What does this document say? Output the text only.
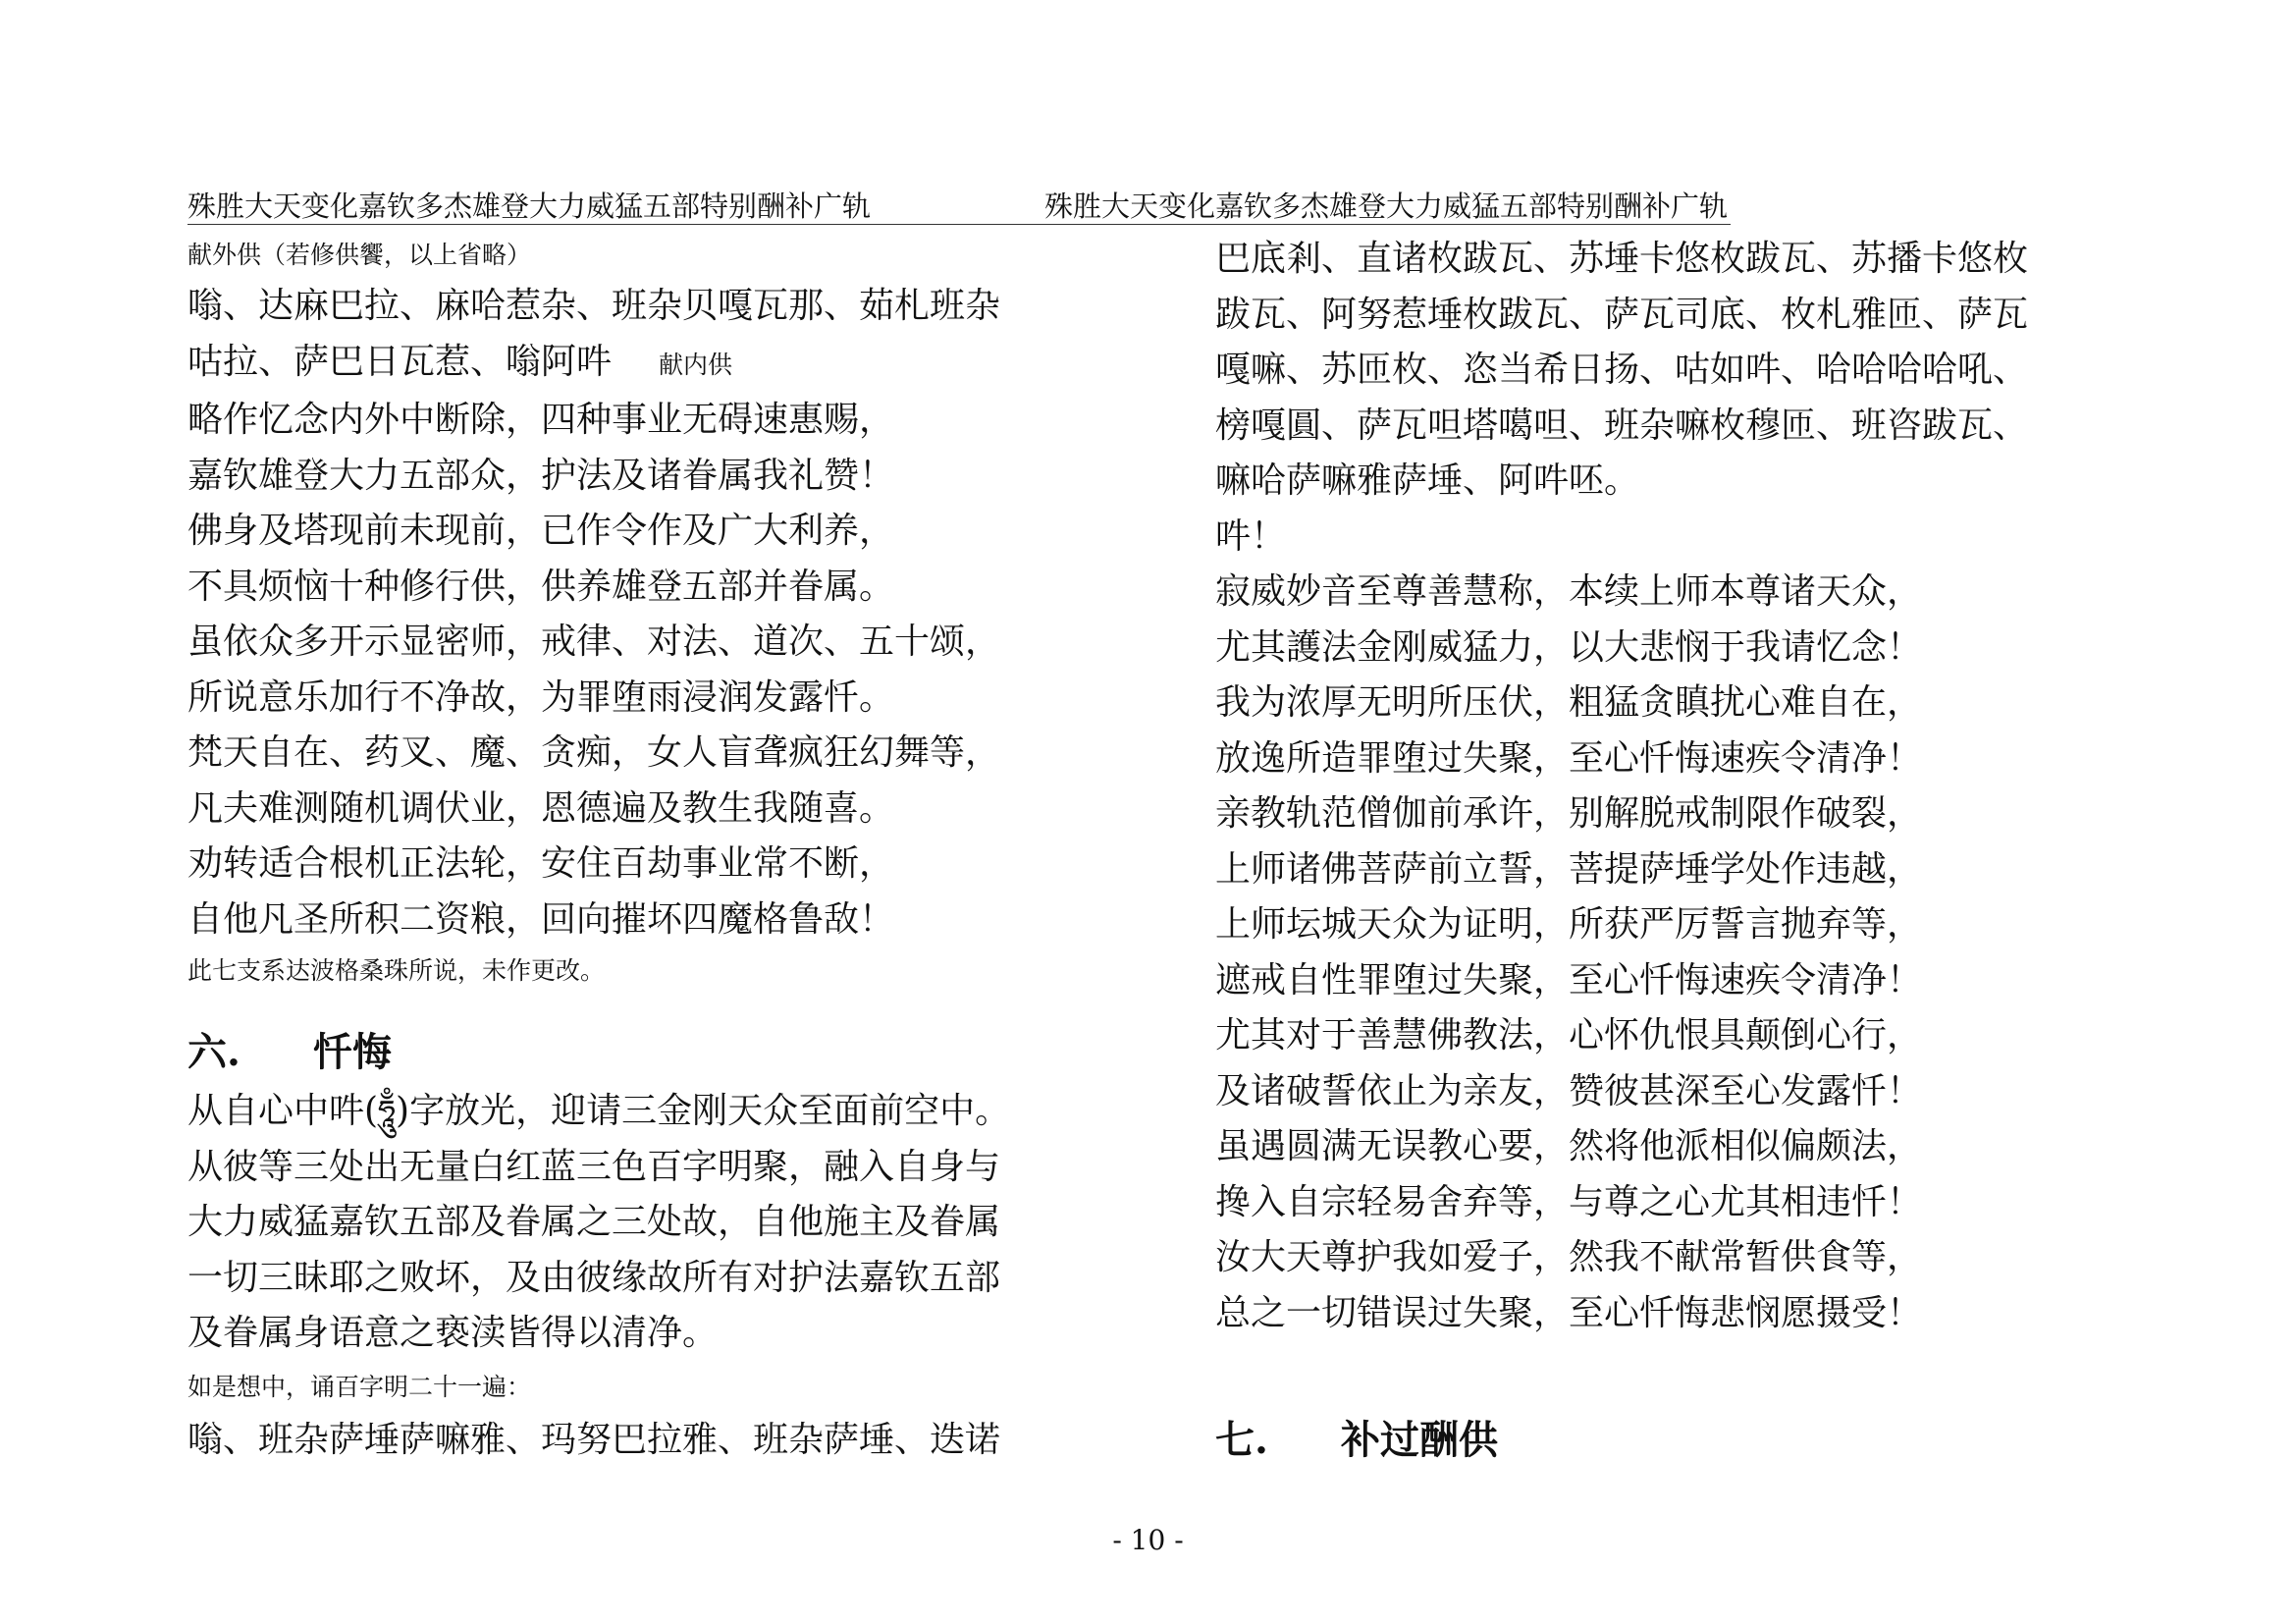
殊胜大天变化嘉钦多杰雄登大力威猛五部特别酬补广轨	殊胜大天变化嘉钦多杰雄登大力威猛五部特别酬补广轨
献外供（若修供饗，以上省略）
嗡、达麻巴拉、麻哈惹杂、班杂贝嘎瓦那、茹札班杂
咕拉、萨巴日瓦惹、嗡阿吽 献内供
略作忆念内外中断除，四种事业无碍速惠赐，
嘉钦雄登大力五部众，护法及诸眷属我礼赞！
佛身及塔现前未现前，已作令作及广大利养，
不具烦恼十种修行供，供养雄登五部并眷属。
虽依众多开示显密师，戒律、对法、道次、五十颂，
所说意乐加行不净故，为罪堕雨浸润发露忏。
梵天自在、药叉、魔、贪痴，女人盲聋疯狂幻舞等，
凡夫难测随机调伏业，恩德遍及教生我随喜。
劝转适合根机正法轮，安住百劫事业常不断，
自他凡圣所积二资粮，回向摧坏四魔格鲁敌！
此七支系达波格桑珠所说，未作更改。
六. 忏悔
从自心中吽(ཧཱུྃ)字放光，迎请三金刚天众至面前空中。
从彼等三处出无量白红蓝三色百字明聚，融入自身与
大力威猛嘉钦五部及眷属之三处故，自他施主及眷属
一切三昧耶之败坏，及由彼缘故所有对护法嘉钦五部
及眷属身语意之亵渎皆得以清净。
如是想中，诵百字明二十一遍：
嗡、班杂萨埵萨嘛雅、玛努巴拉雅、班杂萨埵、迭诺
巴底剎、直诸枚跋瓦、苏埵卡悠枚跋瓦、苏播卡悠枚
跋瓦、阿努惹埵枚跋瓦、萨瓦司底、枚札雅匝、萨瓦
嘎嘛、苏匝枚、恣当希日扬、咕如吽、哈哈哈哈吼、
榜嘎圓、萨瓦呾塔噶呾、班杂嘛枚穆匝、班咨跋瓦、
嘛哈萨嘛雅萨埵、阿吽呸。
吽！
寂威妙音至尊善慧称，本续上师本尊诸天众，
尤其護法金刚威猛力，以大悲悯于我请忆念！
我为浓厚无明所压伏，粗猛贪瞋扰心难自在，
放逸所造罪堕过失聚，至心忏悔速疾令清净！
亲教轨范僧伽前承许，别解脱戒制限作破裂，
上师诸佛菩萨前立誓，菩提萨埵学处作违越，
上师坛城天众为证明，所获严厉誓言抛弃等，
遮戒自性罪堕过失聚，至心忏悔速疾令清净！
尤其对于善慧佛教法，心怀仇恨具颠倒心行，
及诸破誓依止为亲友，赞彼甚深至心发露忏！
虽遇圆满无误教心要，然将他派相似偏颇法，
搀入自宗轻易舍弃等，与尊之心尤其相违忏！
汝大天尊护我如爱子，然我不献常暂供食等，
总之一切错误过失聚，至心忏悔悲悯愿摄受！
七. 补过酬供
- 10 -
